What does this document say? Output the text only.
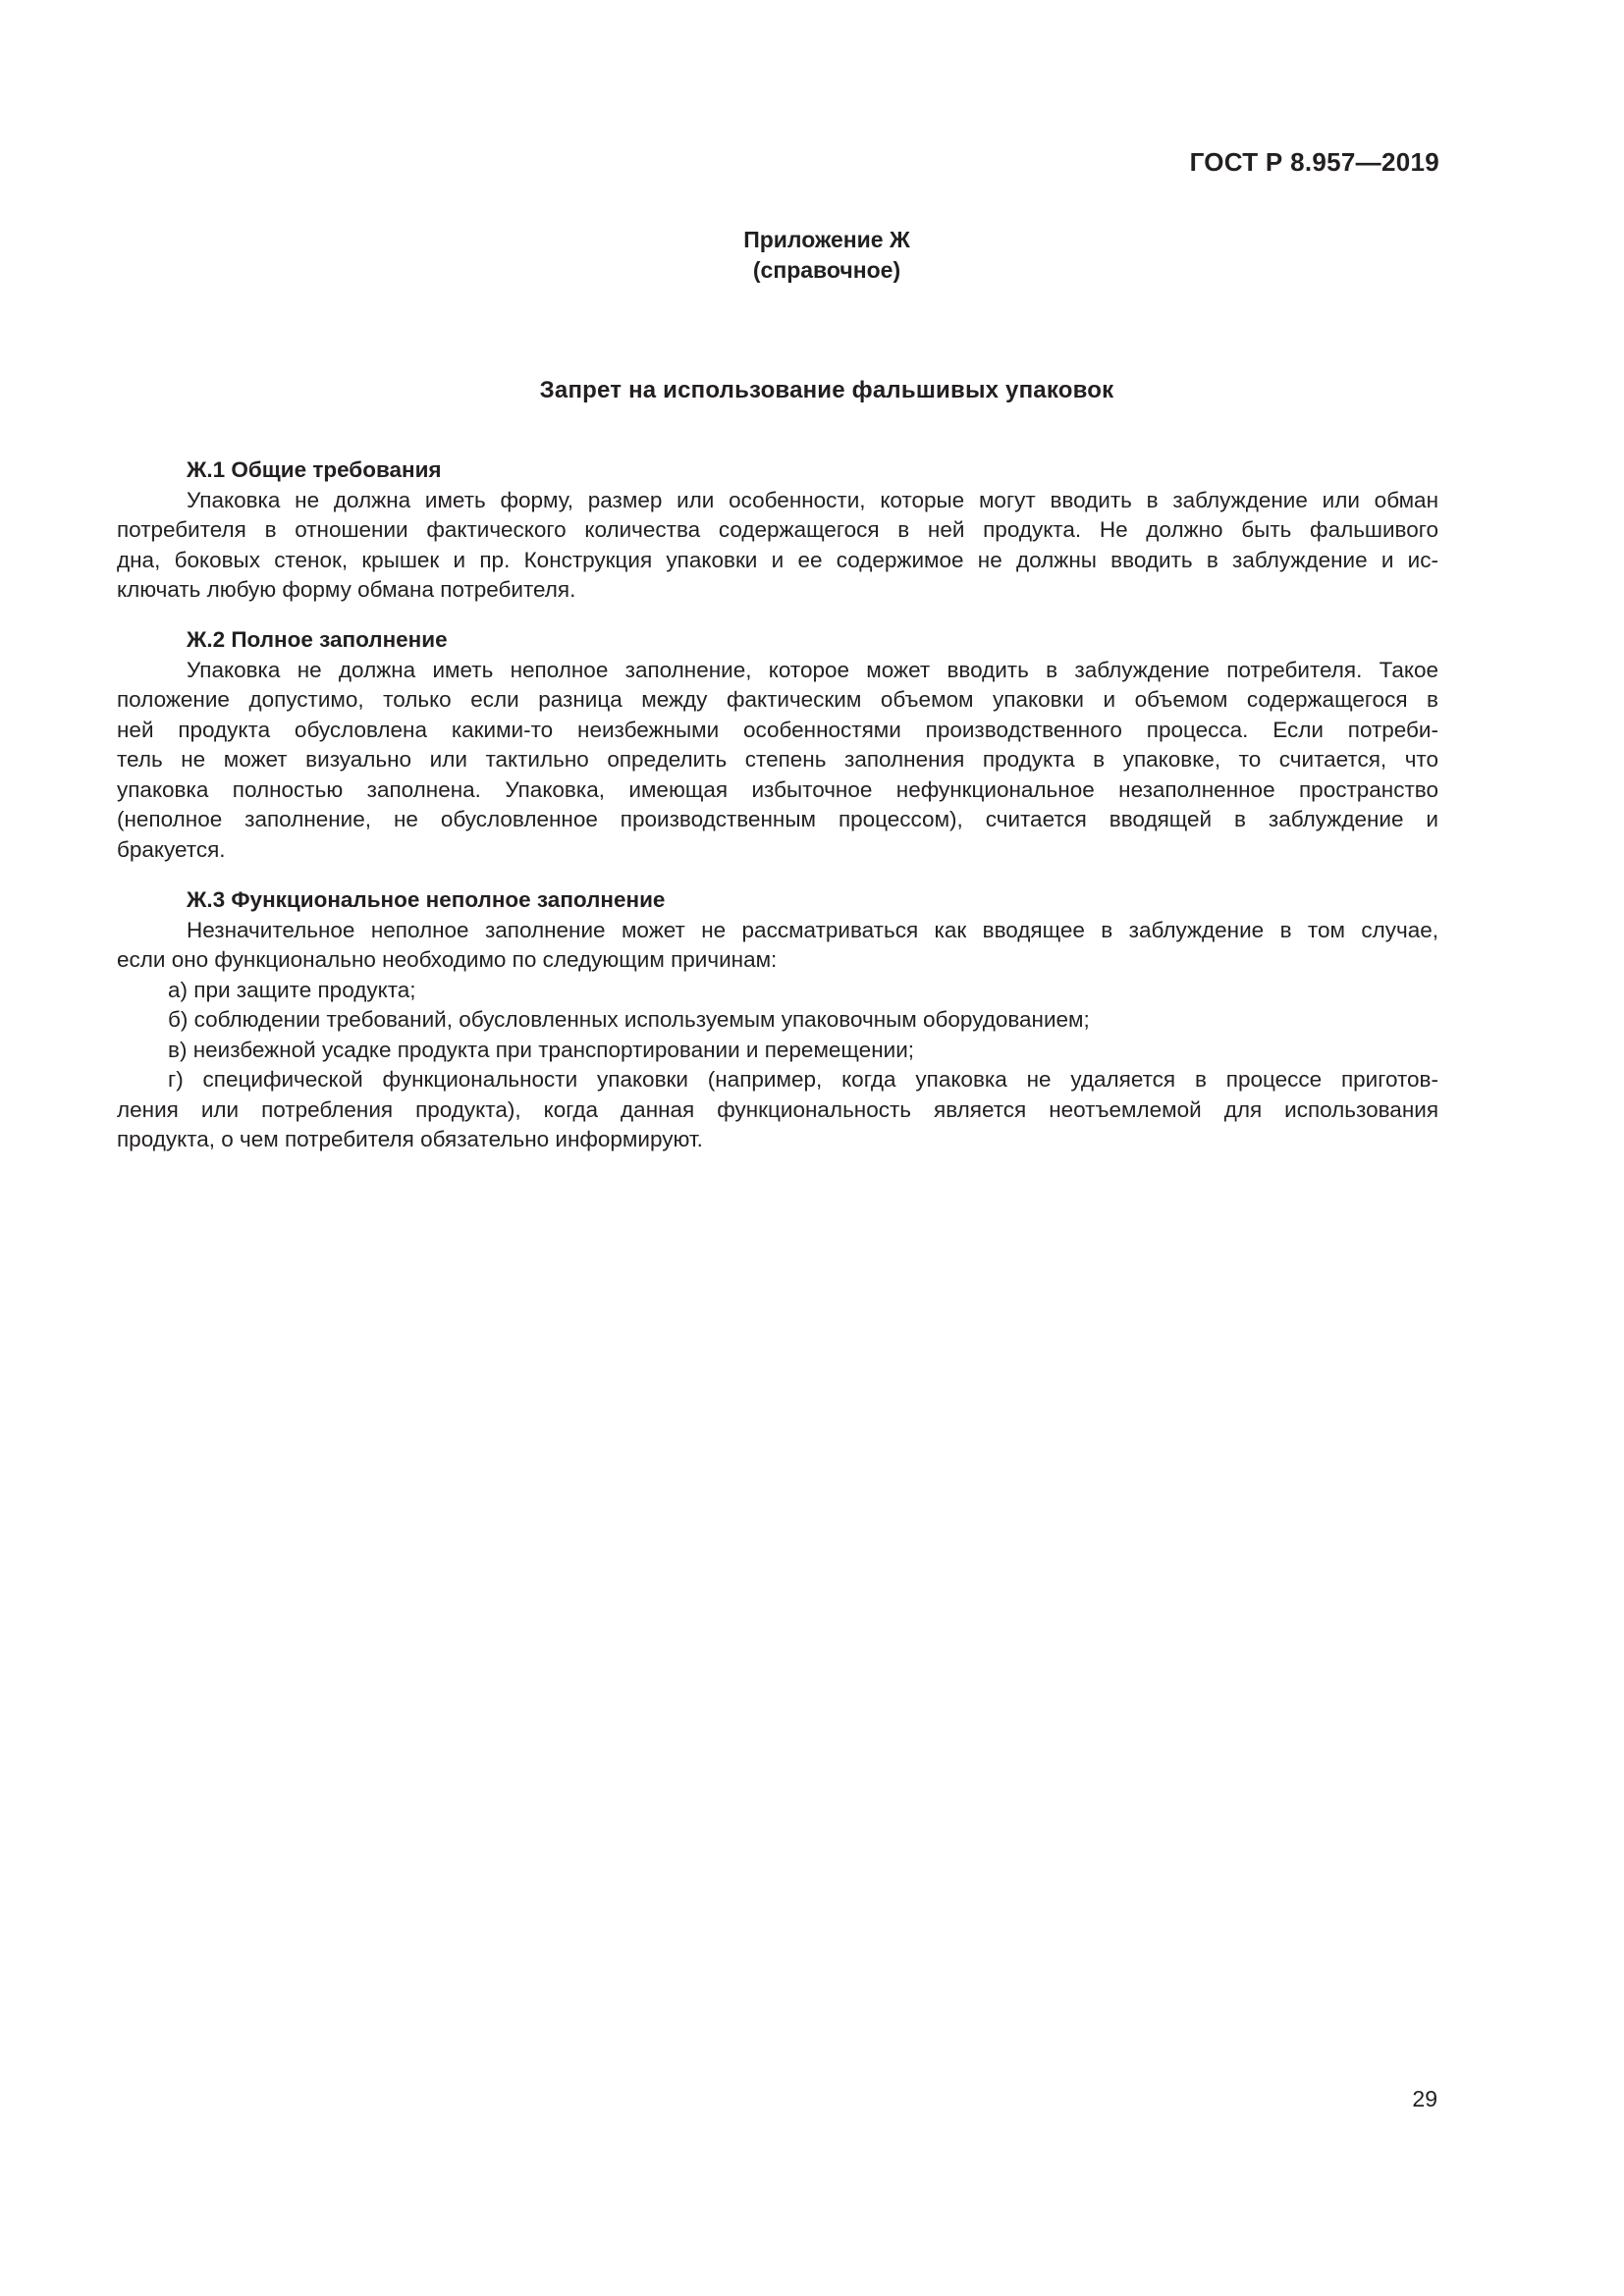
ГОСТ Р 8.957—2019
Приложение Ж
(справочное)
Запрет на использование фальшивых упаковок

Ж.1 Общие требования

Упаковка не должна иметь форму, размер или особенности, которые могут вводить в заблуждение или обман
потребителя в отношении фактического количества содержащегося в ней продукта. Не должно быть фальшивого
дна, боковых стенок, крышек и пр. Конструкция упаковки и ее содержимое не должны вводить в заблуждение и ис-
ключать любую форму обмана потребителя.

Ж.2 Полное заполнение

Упаковка не должна иметь неполное заполнение, которое может вводить в заблуждение потребителя. Такое
положение допустимо, только если разница между фактическим объемом упаковки и объемом содержащегося в
ней продукта обусловлена какими-то неизбежными особенностями производственного процесса. Если потреби-
тель не может визуально или тактильно определить степень заполнения продукта в упаковке, то считается, что
упаковка полностью заполнена. Упаковка, имеющая избыточное нефункциональное незаполненное пространство
(неполное заполнение, не обусловленное производственным процессом), считается вводящей в заблуждение и
бракуется.

Ж.3 Функциональное неполное заполнение

Незначительное неполное заполнение может не рассматриваться как вводящее в заблуждение в том случае,
если оно функционально необходимо по следующим причинам:
а) при защите продукта;
б) соблюдении требований, обусловленных используемым упаковочным оборудованием;
в) неизбежной усадке продукта при транспортировании и перемещении;
г) специфической функциональности упаковки (например, когда упаковка не удаляется в процессе приготов-
ления или потребления продукта), когда данная функциональность является неотъемлемой для использования
продукта, о чем потребителя обязательно информируют.
29
